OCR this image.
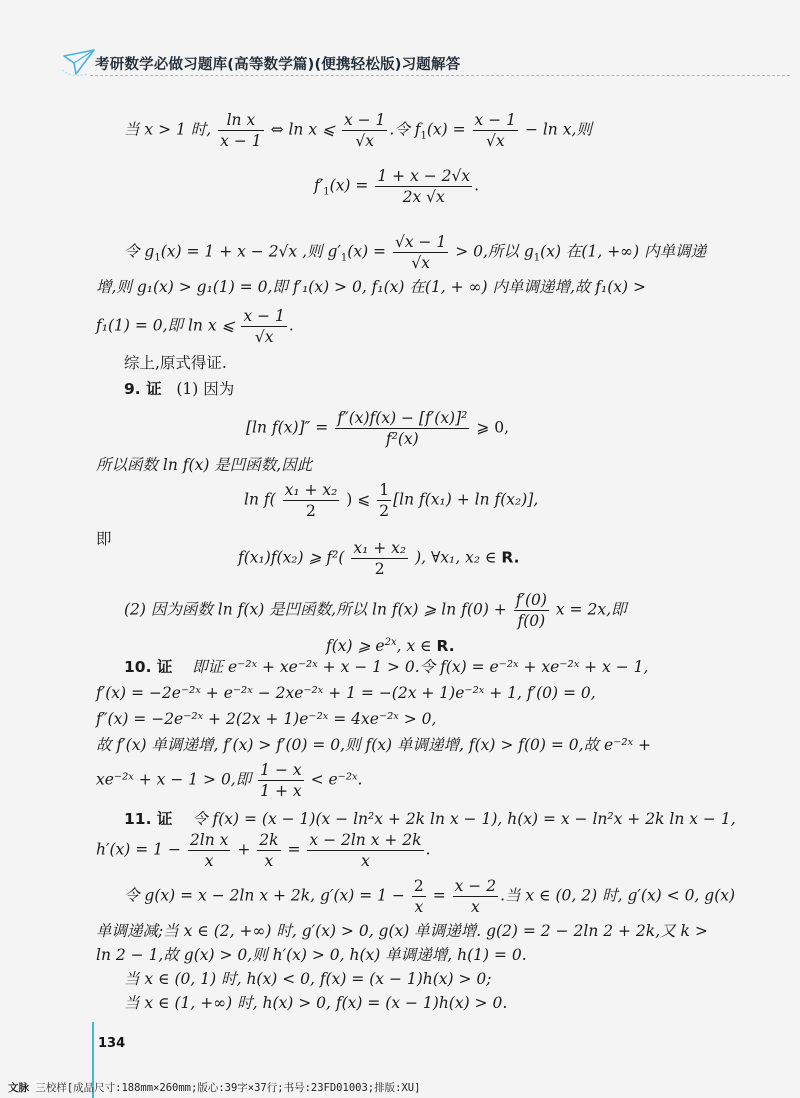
考研数学必做习题库(高等数学篇)(便携轻松版)习题解答
当 x > 1 时, $\frac{\text{ln x}}{x - 1}$ ⇔ ln x ⩽ $\frac{x - 1}{√x}$ .令 $f_1(x) = \frac{x - 1}{√x} - \ln x$,则
$f'_1(x) = \frac{1 + x - 2√x}{2x √x}$ .
令 $g_1(x) = 1 + x - 2√x$ ,则 $g'_1(x) = \frac{√x - 1}{√x} > 0$,所以 $g_1(x)$ 在(1, +∞) 内单调递
增,则 g₁(x) > g₁(1) = 0,即 f′₁(x) > 0, f₁(x) 在(1, + ∞) 内单调递增,故 f₁(x) >
f₁(1) = 0,即 ln x ⩽ $\frac{x - 1}{√x}$ .
综上,原式得证.
9. 证 (1) 因为
[ln $f(x)]'' = \frac{\text{f″(x)f(x) − [f′(x)]²}}{\text{f²(x)}}$ ⩾ 0,
所以函数 ln f(x) 是凹函数,因此
$\ln f( \frac{\text{x₁ + x₂}}{2}$ ) ⩽ $\frac{1}{2} [\ln$ f(x₁) + ln f(x₂)],
即
f(x₁)f(x₂) ⩾ $f^2( \frac{\text{x₁ + x₂}}{2}$ ), ∀x₁, x₂ ∈ R.
(2) 因为函数 ln f(x) 是凹函数,所以 ln f(x) ⩾ $\ln f(0) + \frac{f'(0)}{f(0)}$ x = 2x,即
f(x) ⩾ $e^{2x}$, x ∈ R.
10. 证 即证 e⁻²ˣ + xe⁻²ˣ + x − 1 > 0.令 f(x) = e⁻²ˣ + xe⁻²ˣ + x − 1,
f′(x) = −2e⁻²ˣ + e⁻²ˣ − 2xe⁻²ˣ + 1 = −(2x + 1)e⁻²ˣ + 1, f′(0) = 0,
f″(x) = −2e⁻²ˣ + 2(2x + 1)e⁻²ˣ = 4xe⁻²ˣ > 0,
故 f′(x) 单调递增, f′(x) > f′(0) = 0,则 f(x) 单调递增, f(x) > f(0) = 0,故 e⁻²ˣ +
xe⁻²ˣ + x − 1 > 0,即 $\frac{1 - x}{1 + x}$ < e⁻²ˣ.
11. 证 令 f(x) = (x − 1)(x − ln²x + 2k ln x − 1), h(x) = x − ln²x + 2k ln x − 1,
$h'(x) = 1 - \frac{\text{2ln x}}{x} + \frac{2k}{x} = \frac{\text{x − 2ln x + 2k}}{x}$ .
令 g(x) = x − 2ln x + 2k, $g'(x) = 1 - \frac{2}{x} = \frac{x - 2}{x}$ .当 x ∈ (0, 2) 时, g′(x) < 0, g(x)
单调递减;当 x ∈ (2, +∞) 时, g′(x) > 0, g(x) 单调递增. g(2) = 2 − 2ln 2 + 2k,又 k >
ln 2 − 1,故 g(x) > 0,则 h′(x) > 0, h(x) 单调递增, h(1) = 0.
当 x ∈ (0, 1) 时, h(x) < 0, f(x) = (x − 1)h(x) > 0;
当 x ∈ (1, +∞) 时, h(x) > 0, f(x) = (x − 1)h(x) > 0.
134
文脉 三校样[成品尺寸:188mm×260mm;版心:39字×37行;书号:23FD01003;排版:XU]
